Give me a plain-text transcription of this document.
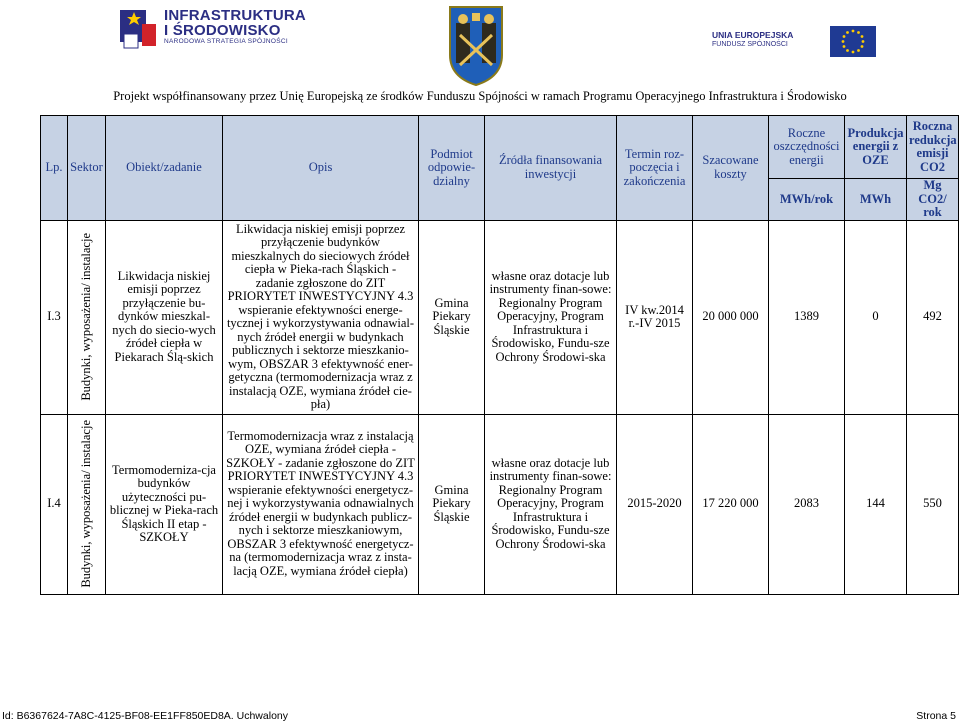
INFRASTRUKTURA
I ŚRODOWISKO
NARODOWA STRATEGIA SPÓJNOŚCI
UNIA EUROPEJSKA
FUNDUSZ SPÓJNOŚCI
Projekt współfinansowany przez Unię Europejską ze środków Funduszu Spójności w ramach Programu Operacyjnego Infrastruktura i Środowisko
Lp.	Sektor	Obiekt/zadanie	Opis	Podmiot odpowie-dzialny	Źródła finansowania inwestycji	Termin roz-poczęcia i zakończenia	Szacowane koszty	Roczne oszczędności energii	Produkcja energii z OZE	Roczna redukcja emisji CO2
								MWh/rok	MWh	Mg CO2/ rok
I.3	Budynki, wyposażenia/ instalacje	Likwidacja niskiej emisji poprzez przyłączenie bu-dynków mieszkal-nych do siecio-wych źródeł ciepła w Piekarach Ślą-skich	Likwidacja niskiej emisji poprzez przyłączenie budynków mieszkalnych do sieciowych źródeł ciepła w Pieka-rach Śląskich - zadanie zgłoszone do ZIT PRIORYTET INWESTYCYJNY 4.3 wspieranie efektywności energe-tycznej i wykorzystywania odnawial-nych źródeł energii w budynkach publicznych i sektorze mieszkanio-wym, OBSZAR 3 efektywność ener-getyczna (termomodernizacja wraz z instalacją OZE, wymiana źródeł cie-pła)	Gmina Piekary Śląskie	własne oraz dotacje lub instrumenty finan-sowe: Regionalny Program Operacyjny, Program Infrastruktura i Środowisko, Fundu-sze Ochrony Środowi-ska	IV kw.2014 r.-IV 2015	20 000 000	1389	0	492
I.4	Budynki, wyposażenia/ instalacje	Termomoderniza-cja budynków użyteczności pu-blicznej w Pieka-rach Śląskich II etap - SZKOŁY	Termomodernizacja wraz z instalacją OZE, wymiana źródeł ciepła - SZKOŁY - zadanie zgłoszone do ZIT PRIORYTET INWESTYCYJNY 4.3 wspieranie efektywności energetycz-nej i wykorzystywania odnawialnych źródeł energii w budynkach publicz-nych i sektorze mieszkaniowym, OBSZAR 3 efektywność energetycz-na (termomodernizacja wraz z insta-lacją OZE, wymiana źródeł ciepła)	Gmina Piekary Śląskie	własne oraz dotacje lub instrumenty finan-sowe: Regionalny Program Operacyjny, Program Infrastruktura i Środowisko, Fundu-sze Ochrony Środowi-ska	2015-2020	17 220 000	2083	144	550
Id: B6367624-7A8C-4125-BF08-EE1FF850ED8A. Uchwalony	Strona 5
